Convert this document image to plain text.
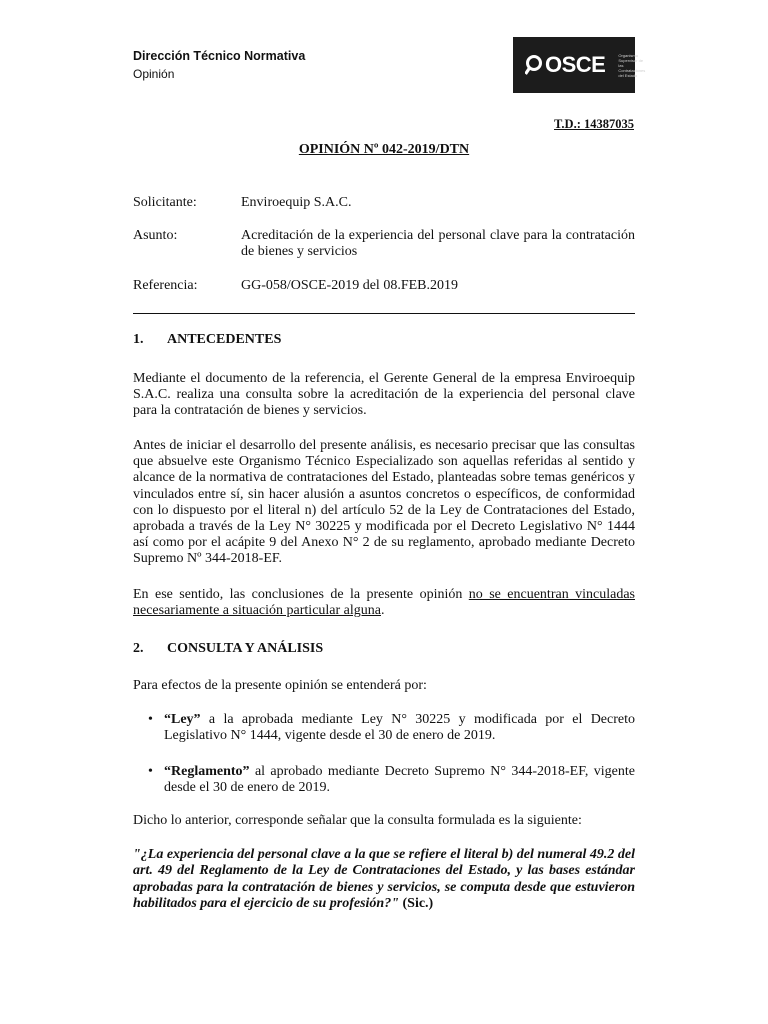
Dirección Técnico Normativa
Opinión	OSCE	Organismo Supervisor de las Contrataciones del Estado
T.D.: 14387035
OPINIÓN Nº 042-2019/DTN
Solicitante:	Enviroequip S.A.C.
Asunto:	Acreditación de la experiencia del personal clave para la contratación de bienes y servicios
Referencia:	GG-058/OSCE-2019 del 08.FEB.2019
1. ANTECEDENTES
Mediante el documento de la referencia, el Gerente General de la empresa Enviroequip S.A.C. realiza una consulta sobre la acreditación de la experiencia del personal clave para la contratación de bienes y servicios.
Antes de iniciar el desarrollo del presente análisis, es necesario precisar que las consultas que absuelve este Organismo Técnico Especializado son aquellas referidas al sentido y alcance de la normativa de contrataciones del Estado, planteadas sobre temas genéricos y vinculados entre sí, sin hacer alusión a asuntos concretos o específicos, de conformidad con lo dispuesto por el literal n) del artículo 52 de la Ley de Contrataciones del Estado, aprobada a través de la Ley N° 30225 y modificada por el Decreto Legislativo N° 1444 así como por el acápite 9 del Anexo N° 2 de su reglamento, aprobado mediante Decreto Supremo Nº 344-2018-EF.
En ese sentido, las conclusiones de la presente opinión no se encuentran vinculadas necesariamente a situación particular alguna.
2. CONSULTA Y ANÁLISIS
Para efectos de la presente opinión se entenderá por:
• “Ley” a la aprobada mediante Ley N° 30225 y modificada por el Decreto Legislativo N° 1444, vigente desde el 30 de enero de 2019.
• “Reglamento” al aprobado mediante Decreto Supremo N° 344-2018-EF, vigente desde el 30 de enero de 2019.
Dicho lo anterior, corresponde señalar que la consulta formulada es la siguiente:
"¿La experiencia del personal clave a la que se refiere el literal b) del numeral 49.2 del art. 49 del Reglamento de la Ley de Contrataciones del Estado, y las bases estándar aprobadas para la contratación de bienes y servicios, se computa desde que estuvieron habilitados para el ejercicio de su profesión?" (Sic.)
